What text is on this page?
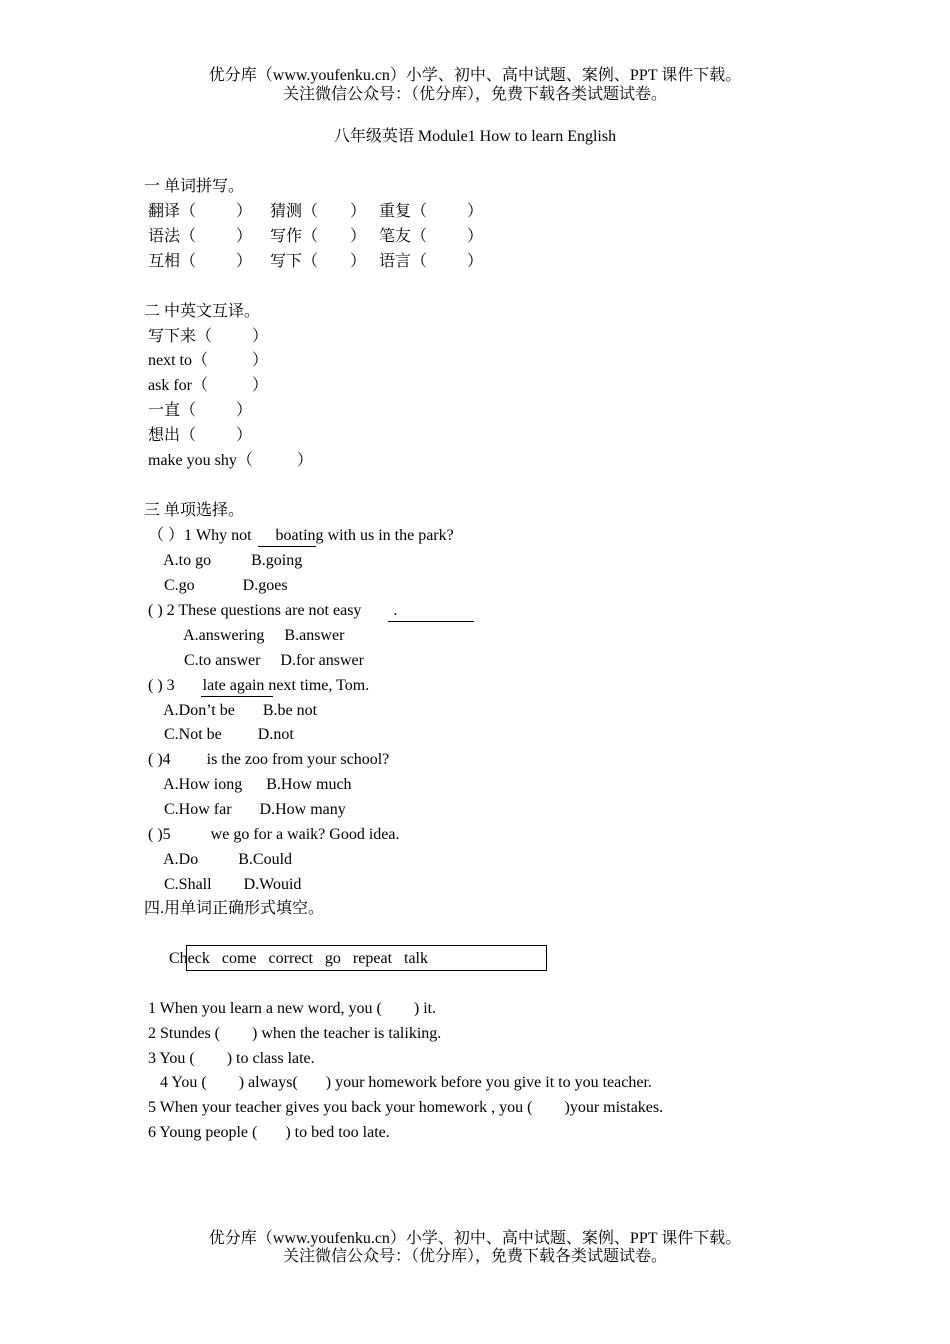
优分库（www.youfenku.cn）小学、初中、高中试题、案例、PPT 课件下载。
关注微信公众号：（优分库），免费下载各类试题试卷。
八年级英语 Module1 How to learn English
一 单词拼写。
翻译（          ） 猜测（        ） 重复（          ）
语法（          ） 写作（        ） 笔友（          ）
互相（          ） 写下（        ） 语言（          ）
二 中英文互译。
写下来（          ）
next to（           ）
ask for（           ）
一直（          ）
想出（          ）
make you shy（           ）
三 单项选择。
（ ）1 Why not      boating with us in the park?
A.to go          B.going
C.go            D.goes
( ) 2 These questions are not easy        .
A.answering     B.answer
C.to answer     D.for answer
( ) 3       late again next time, Tom.
A.Don’t be       B.be not
C.Not be         D.not
( )4         is the zoo from your school?
A.How iong      B.How much
C.How far       D.How many
( )5          we go for a waik? Good idea.
A.Do          B.Could
C.Shall        D.Wouid
四.用单词正确形式填空。
Check   come   correct   go   repeat   talk
1 When you learn a new word, you (        ) it.
2 Stundes (        ) when the teacher is taliking.
3 You (        ) to class late.
4 You (        ) always(       ) your homework before you give it to you teacher.
5 When your teacher gives you back your homework , you (        )your mistakes.
6 Young people (       ) to bed too late.
优分库（www.youfenku.cn）小学、初中、高中试题、案例、PPT 课件下载。
关注微信公众号：（优分库），免费下载各类试题试卷。
